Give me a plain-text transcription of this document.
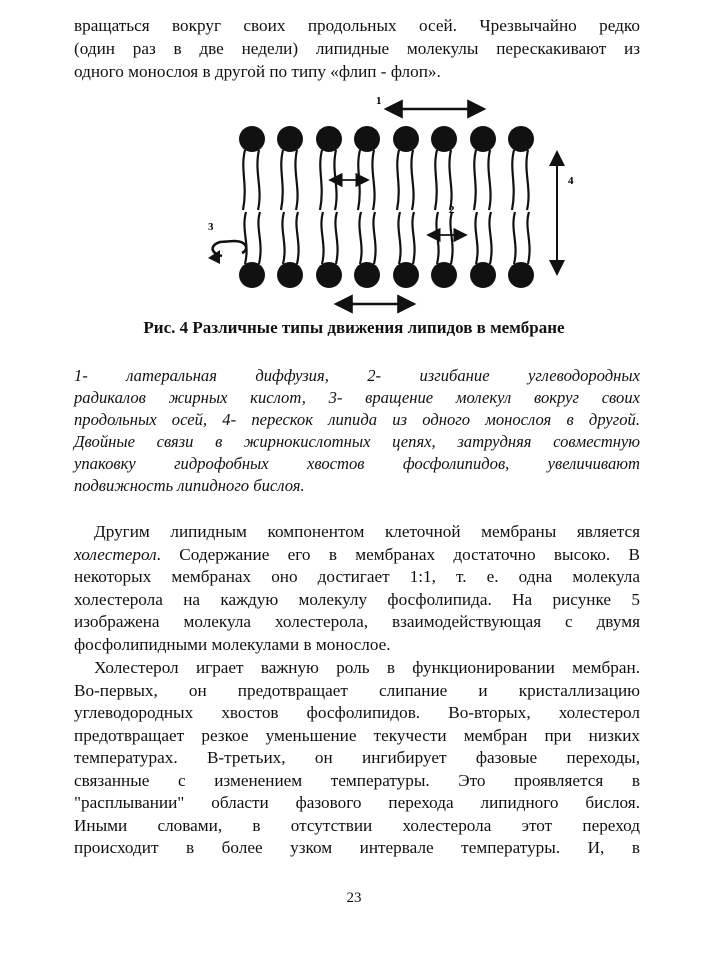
вращаться вокруг своих продольных осей. Чрезвычайно редко
(один раз в две недели) липидные молекулы перескакивают из
одного монослоя в другой по типу «флип - флоп».
1
4
2
3

Рис. 4 Различные типы движения липидов в мембране

1- латеральная диффузия, 2- изгибание углеводородных
радикалов жирных кислот, 3- вращение молекул вокруг своих
продольных осей, 4- перескок липида из одного монослоя в другой.
Двойные связи в жирнокислотных цепях, затрудняя совместную
упаковку гидрофобных хвостов фосфолипидов, увеличивают
подвижность липидного бислоя.
Другим липидным компонентом клеточной мембраны является
холестерол. Содержание его в мембранах достаточно высоко. В
некоторых мембранах оно достигает 1:1, т. е. одна молекула
холестерола на каждую молекулу фосфолипида. На рисунке 5
изображена молекула холестерола, взаимодействующая с двумя
фосфолипидными молекулами в монослое.
Холестерол играет важную роль в функционировании мембран.
Во-первых, он предотвращает слипание и кристаллизацию
углеводородных хвостов фосфолипидов. Во-вторых, холестерол
предотвращает резкое уменьшение текучести мембран при низких
температурах. В-третьих, он ингибирует фазовые переходы,
связанные с изменением температуры. Это проявляется в
"расплывании" области фазового перехода липидного бислоя.
Иными словами, в отсутствии холестерола этот переход
происходит в более узком интервале температуры. И, в
23
